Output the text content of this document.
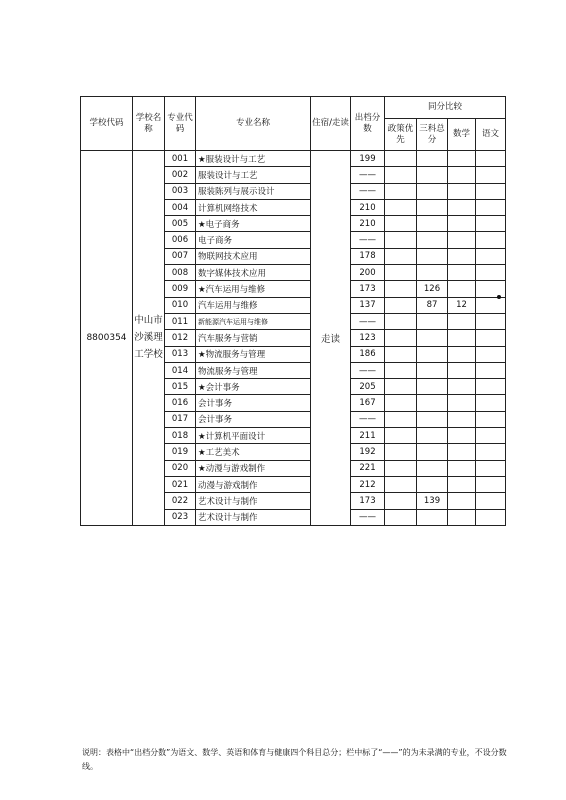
学校代码	学校名称	专业代码	专业名称	住宿/走读	出档分数	同分比较			
						政策优先	三科总分	数学	语文
8800354	中山市沙溪理工学校	001	★服装设计与工艺	走读	199				
		002	服装设计与工艺		——				
		003	服装陈列与展示设计		——				
		004	计算机网络技术		210				
		005	★电子商务		210				
		006	电子商务		——				
		007	物联网技术应用		178				
		008	数字媒体技术应用		200				
		009	★汽车运用与维修		173		126		
		010	汽车运用与维修		137		87	12	
		011	新能源汽车运用与维修		——				
		012	汽车服务与营销		123				
		013	★物流服务与管理		186				
		014	物流服务与管理		——				
		015	★会计事务		205				
		016	会计事务		167				
		017	会计事务		——				
		018	★计算机平面设计		211				
		019	★工艺美术		192				
		020	★动漫与游戏制作		221				
		021	动漫与游戏制作		212				
		022	艺术设计与制作		173		139		
		023	艺术设计与制作		——				
说明：表格中“出档分数”为语文、数学、英语和体育与健康四个科目总分；栏中标了“——”的为未录满的专业，不设分数线。
